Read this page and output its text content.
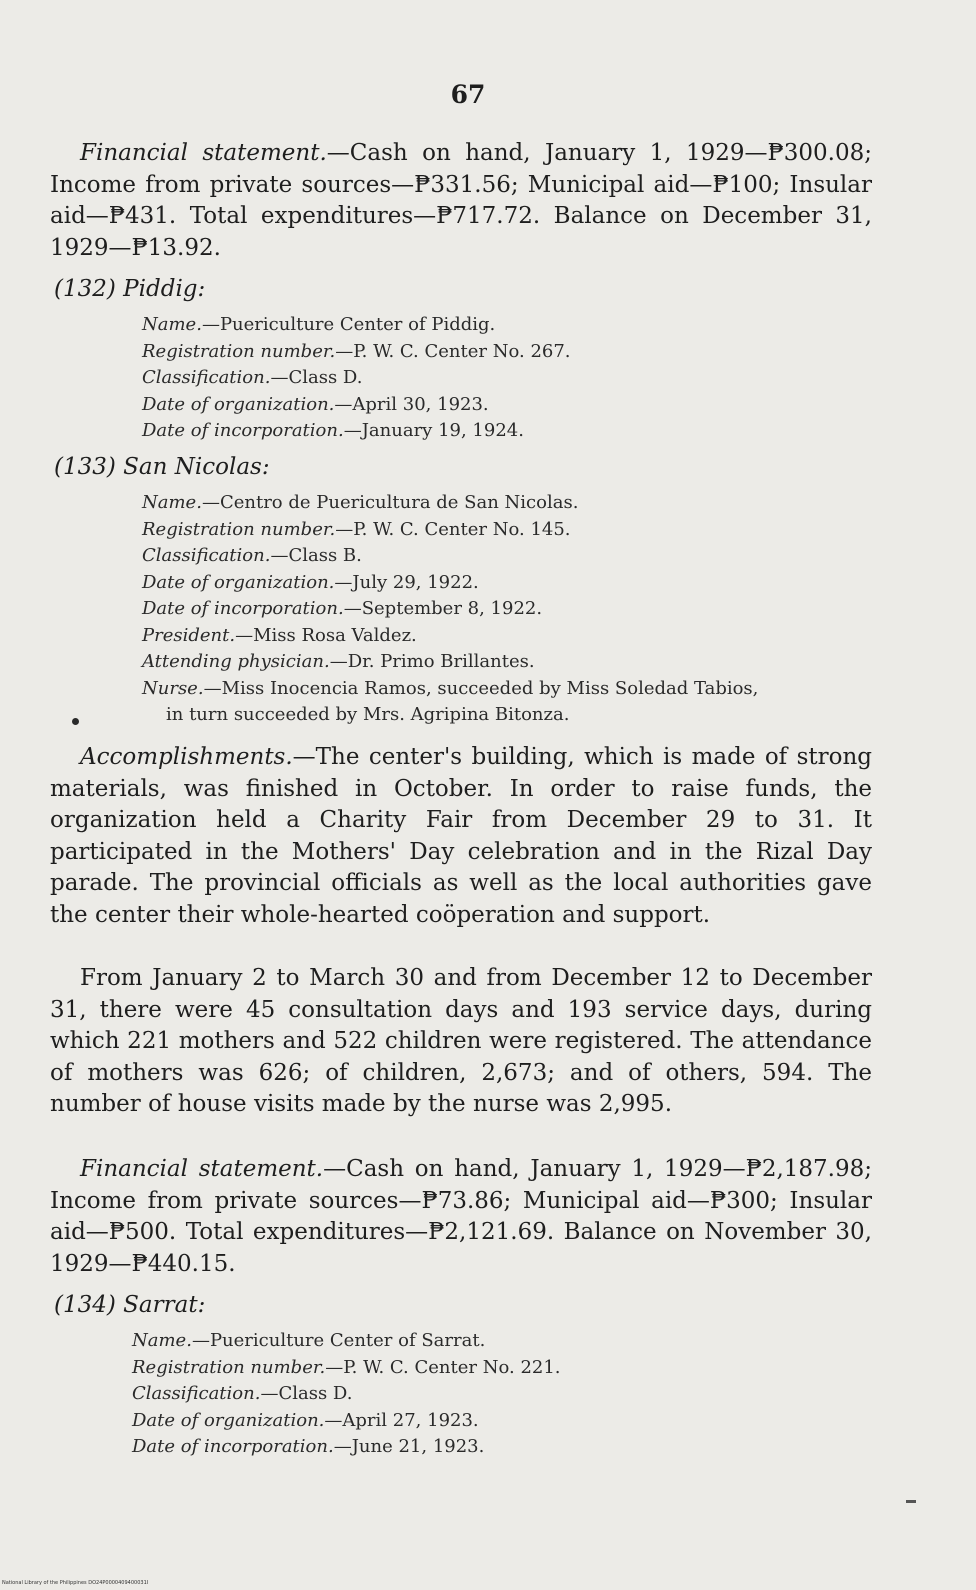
67

Financial statement.—Cash on hand, January 1, 1929—₱300.08; Income from private sources—₱331.56; Municipal aid—₱100; Insular aid—₱431. Total expenditures—₱717.72. Balance on December 31, 1929—₱13.92.

(132) Piddig:

Name.—Puericulture Center of Piddig.
Registration number.—P. W. C. Center No. 267.
Classification.—Class D.
Date of organization.—April 30, 1923.
Date of incorporation.—January 19, 1924.

(133) San Nicolas:

Name.—Centro de Puericultura de San Nicolas.
Registration number.—P. W. C. Center No. 145.
Classification.—Class B.
Date of organization.—July 29, 1922.
Date of incorporation.—September 8, 1922.
President.—Miss Rosa Valdez.
Attending physician.—Dr. Primo Brillantes.
Nurse.—Miss Inocencia Ramos, succeeded by Miss Soledad Tabios,
in turn succeeded by Mrs. Agripina Bitonza.

Accomplishments.—The center's building, which is made of strong materials, was finished in October. In order to raise funds, the organization held a Charity Fair from December 29 to 31. It participated in the Mothers' Day celebration and in the Rizal Day parade. The provincial officials as well as the local authorities gave the center their whole-hearted coöperation and support.

From January 2 to March 30 and from December 12 to December 31, there were 45 consultation days and 193 service days, during which 221 mothers and 522 children were registered. The attendance of mothers was 626; of children, 2,673; and of others, 594. The number of house visits made by the nurse was 2,995.

Financial statement.—Cash on hand, January 1, 1929—₱2,187.98; Income from private sources—₱73.86; Municipal aid—₱300; Insular aid—₱500. Total expenditures—₱2,121.69. Balance on November 30, 1929—₱440.15.

(134) Sarrat:

Name.—Puericulture Center of Sarrat.
Registration number.—P. W. C. Center No. 221.
Classification.—Class D.
Date of organization.—April 27, 1923.
Date of incorporation.—June 21, 1923.
National Library of the Philippines DO24P0000409400031I
